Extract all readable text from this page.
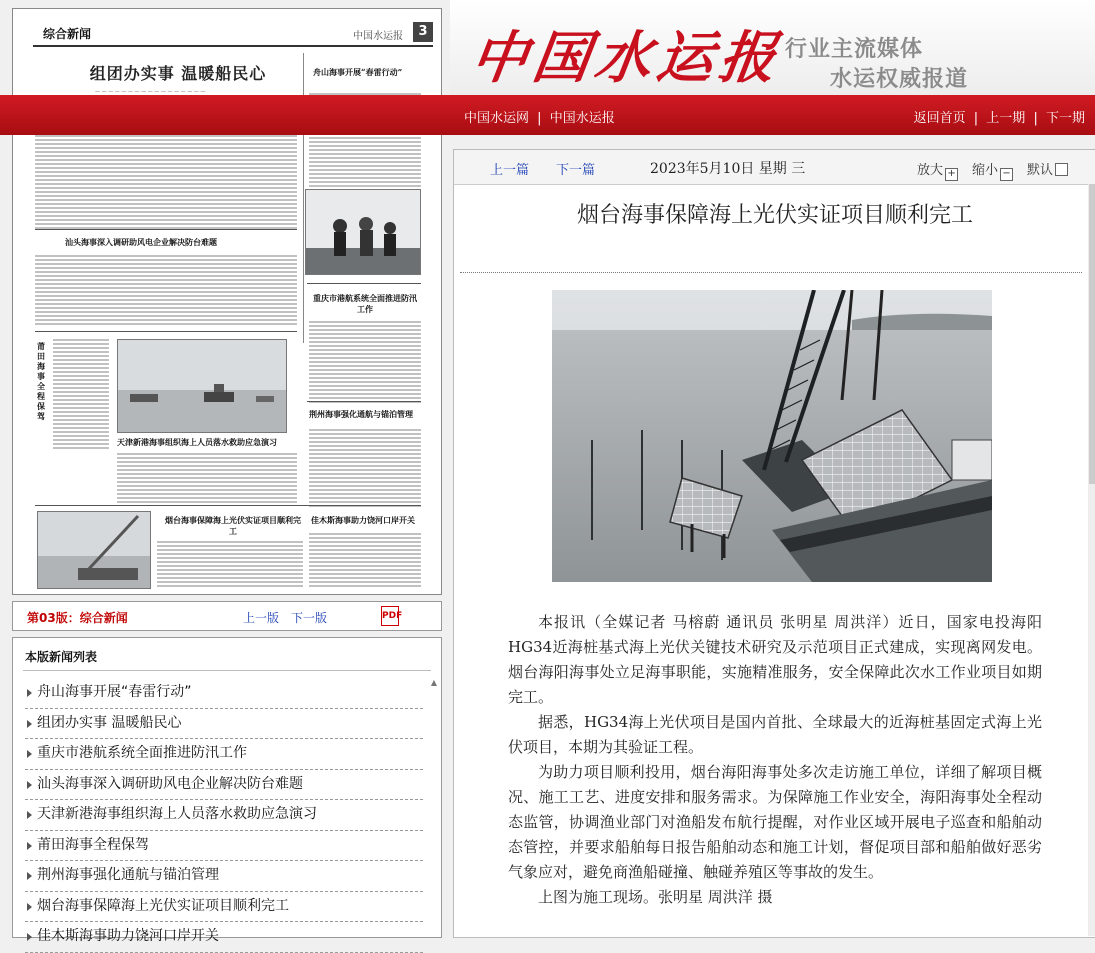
综合新闻	中国水运报	3
组团办实事 温暖船民心
— — — — — — — — — — — — — — — — —
舟山海事开展“春雷行动”
汕头海事深入调研助风电企业解决防台难题
重庆市港航系统全面推进防汛工作
莆田海事全程保驾
天津新港海事组织海上人员落水救助应急演习
荆州海事强化通航与锚泊管理
烟台海事保障海上光伏实证项目顺利完工
佳木斯海事助力饶河口岸开关
第03版：综合新闻	上一版 下一版	PDF
本版新闻列表
▲
舟山海事开展“春雷行动”
组团办实事 温暖船民心
重庆市港航系统全面推进防汛工作
汕头海事深入调研助风电企业解决防台难题
天津新港海事组织海上人员落水救助应急演习
莆田海事全程保驾
荆州海事强化通航与锚泊管理
烟台海事保障海上光伏实证项目顺利完工
佳木斯海事助力饶河口岸开关
中国水运报
行业主流媒体
水运权威报道
中国水运网 | 中国水运报	返回首页 | 上一期 | 下一期
上一篇 下一篇	2023年5月10日 星期 三	放大 + 缩小 − 默认
烟台海事保障海上光伏实证项目顺利完工

本报讯（全媒记者 马榕蔚 通讯员 张明星 周洪洋）近日，国家电投海阳HG34近海桩基式海上光伏关键技术研究及示范项目正式建成，实现离网发电。烟台海阳海事处立足海事职能，实施精准服务，安全保障此次水工作业项目如期完工。

据悉，HG34海上光伏项目是国内首批、全球最大的近海桩基固定式海上光伏项目，本期为其验证工程。

为助力项目顺利投用，烟台海阳海事处多次走访施工单位，详细了解项目概况、施工工艺、进度安排和服务需求。为保障施工作业安全，海阳海事处全程动态监管，协调渔业部门对渔船发布航行提醒，对作业区域开展电子巡查和船舶动态管控，并要求船舶每日报告船舶动态和施工计划，督促项目部和船舶做好恶劣气象应对，避免商渔船碰撞、触碰养殖区等事故的发生。

上图为施工现场。张明星 周洪洋 摄
